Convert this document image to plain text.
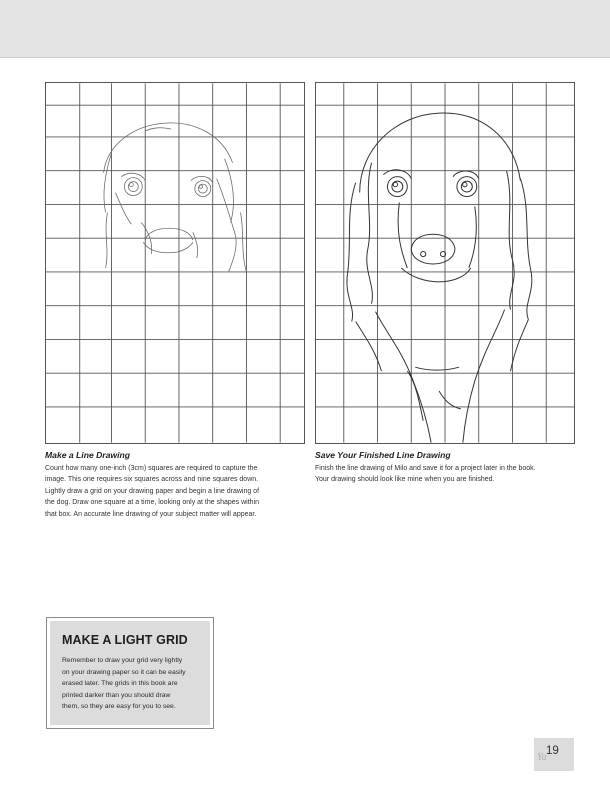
Make a Line Drawing

Count how many one-inch (3cm) squares are required to capture the
image. This one requires six squares across and nine squares down.
Lightly draw a grid on your drawing paper and begin a line drawing of
the dog. Draw one square at a time, looking only at the shapes within
that box. An accurate line drawing of your subject matter will appear.

Save Your Finished Line Drawing

Finish the line drawing of Milo and save it for a project later in the book.
Your drawing should look like mine when you are finished.

MAKE A LIGHT GRID
Remember to draw your grid very lightly
on your drawing paper so it can be easily
erased later. The grids in this book are
printed darker than you should draw
them, so they are easy for you to see.
Ya
19
